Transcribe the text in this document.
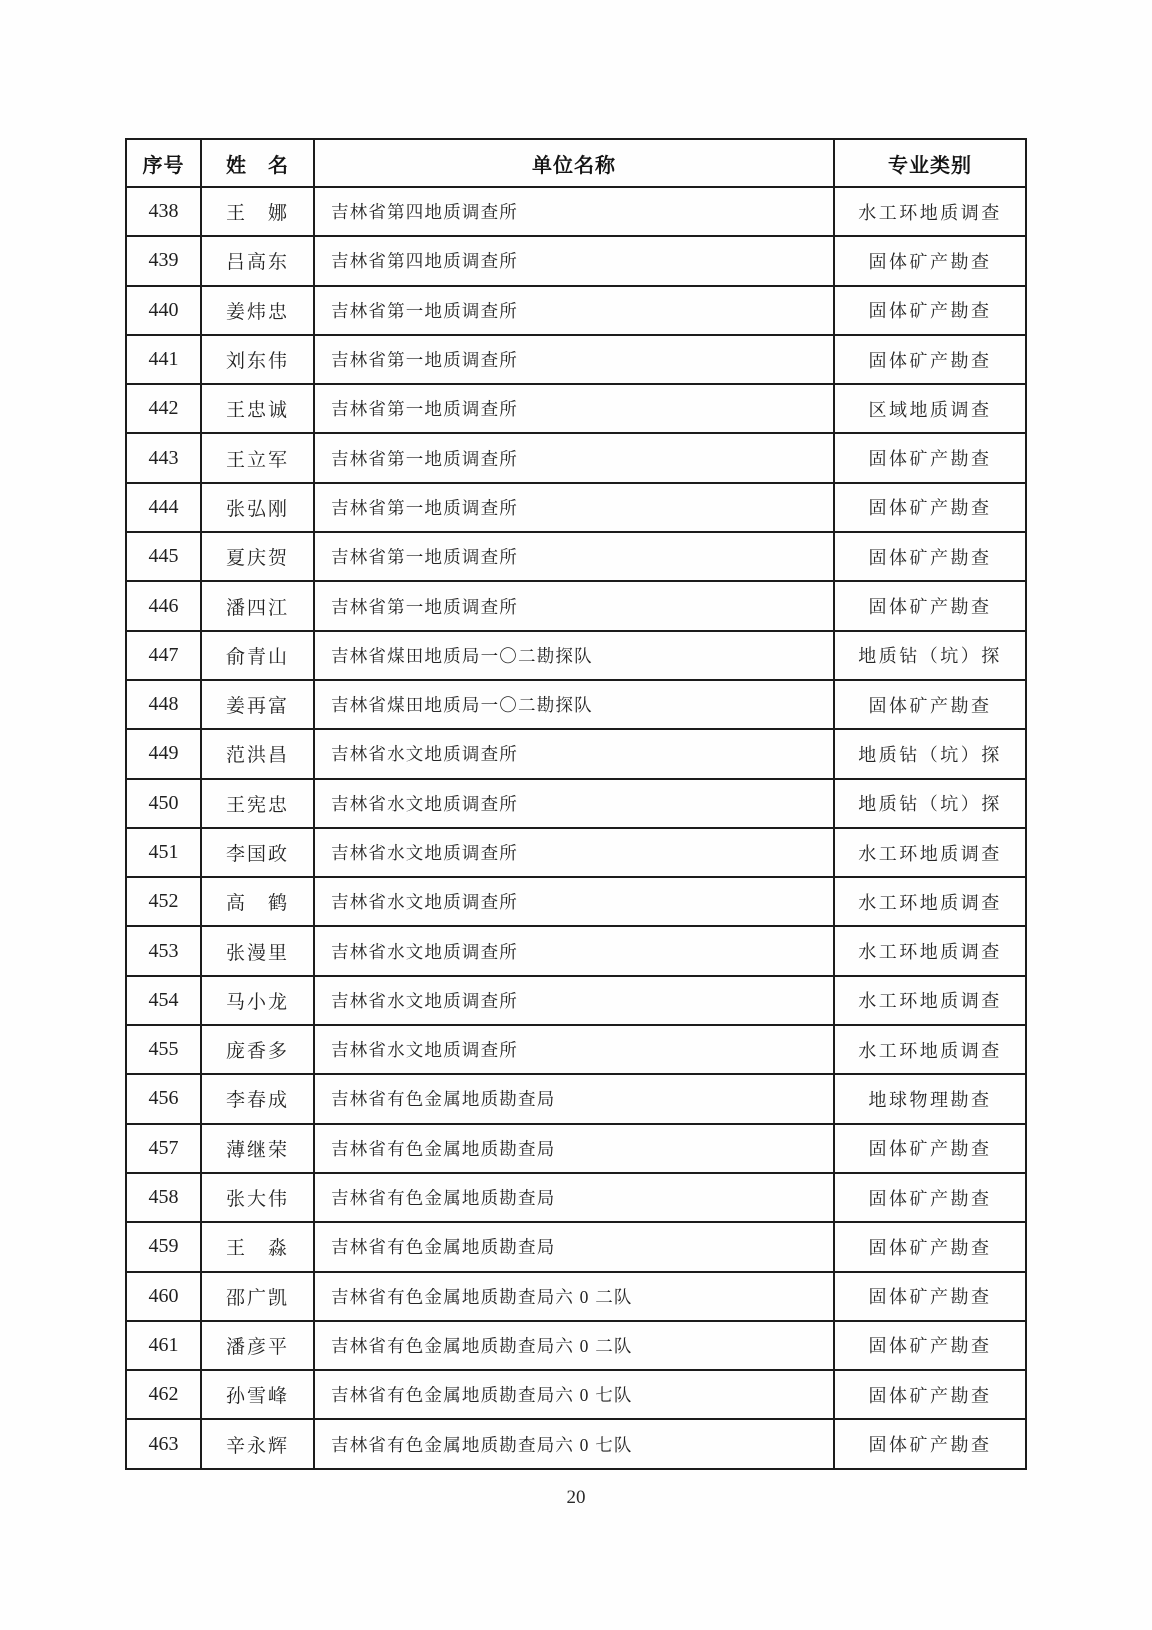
序号	姓　名	单位名称	专业类别
438	王　娜	吉林省第四地质调查所	水工环地质调查
439	吕高东	吉林省第四地质调查所	固体矿产勘查
440	姜炜忠	吉林省第一地质调查所	固体矿产勘查
441	刘东伟	吉林省第一地质调查所	固体矿产勘查
442	王忠诚	吉林省第一地质调查所	区域地质调查
443	王立军	吉林省第一地质调查所	固体矿产勘查
444	张弘刚	吉林省第一地质调查所	固体矿产勘查
445	夏庆贺	吉林省第一地质调查所	固体矿产勘查
446	潘四江	吉林省第一地质调查所	固体矿产勘查
447	俞青山	吉林省煤田地质局一〇二勘探队	地质钻（坑）探
448	姜再富	吉林省煤田地质局一〇二勘探队	固体矿产勘查
449	范洪昌	吉林省水文地质调查所	地质钻（坑）探
450	王宪忠	吉林省水文地质调查所	地质钻（坑）探
451	李国政	吉林省水文地质调查所	水工环地质调查
452	高　鹤	吉林省水文地质调查所	水工环地质调查
453	张漫里	吉林省水文地质调查所	水工环地质调查
454	马小龙	吉林省水文地质调查所	水工环地质调查
455	庞香多	吉林省水文地质调查所	水工环地质调查
456	李春成	吉林省有色金属地质勘查局	地球物理勘查
457	薄继荣	吉林省有色金属地质勘查局	固体矿产勘查
458	张大伟	吉林省有色金属地质勘查局	固体矿产勘查
459	王　淼	吉林省有色金属地质勘查局	固体矿产勘查
460	邵广凯	吉林省有色金属地质勘查局六 0 二队	固体矿产勘查
461	潘彦平	吉林省有色金属地质勘查局六 0 二队	固体矿产勘查
462	孙雪峰	吉林省有色金属地质勘查局六 0 七队	固体矿产勘查
463	辛永辉	吉林省有色金属地质勘查局六 0 七队	固体矿产勘查
20
